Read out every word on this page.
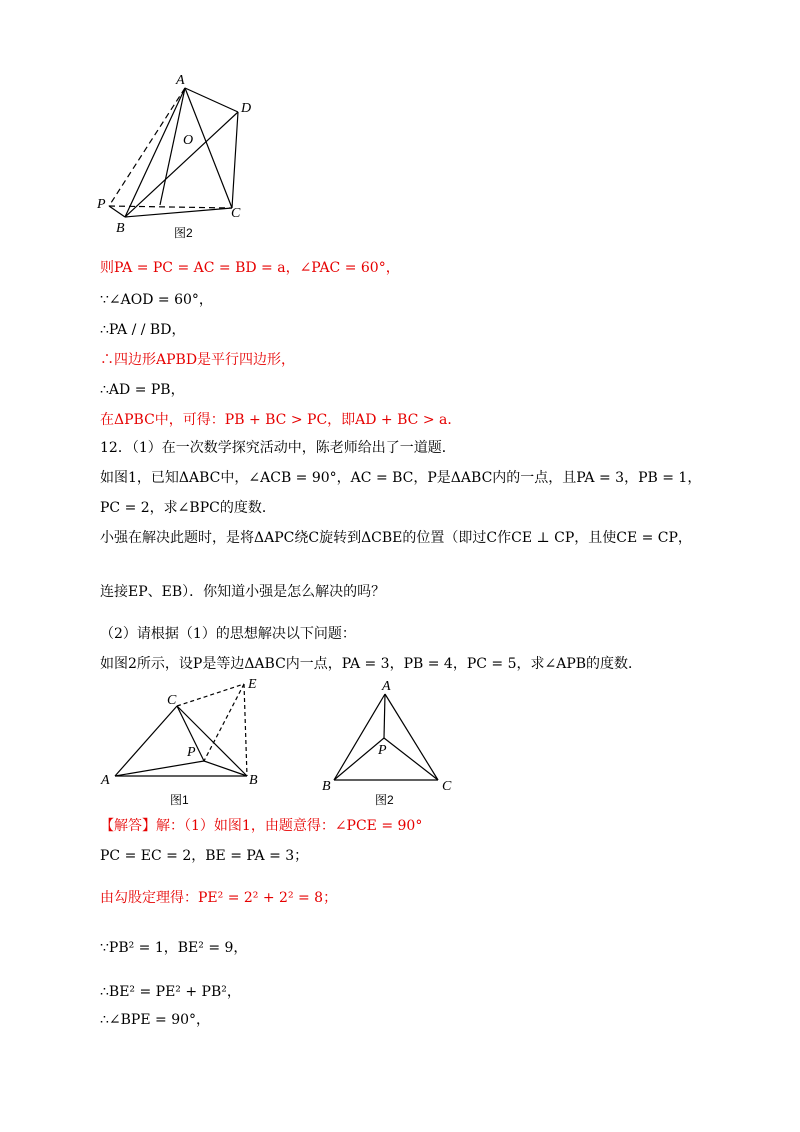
A
D
O
P
B
C
图2
则PA = PC = AC = BD = a，∠PAC = 60°，
∵∠AOD = 60°，
∴PA / / BD，
∴四边形APBD是平行四边形，
∴AD = PB，
在ΔPBC中，可得：PB + BC > PC，即AD + BC > a．
12．（1）在一次数学探究活动中，陈老师给出了一道题．
如图1，已知ΔABC中，∠ACB = 90°，AC = BC，P是ΔABC内的一点，且PA = 3，PB = 1，
PC = 2，求∠BPC的度数．
小强在解决此题时，是将ΔAPC绕C旋转到ΔCBE的位置（即过C作CE ⊥ CP，且使CE = CP，
连接EP、EB）．你知道小强是怎么解决的吗？
（2）请根据（1）的思想解决以下问题：
如图2所示，设P是等边ΔABC内一点，PA = 3，PB = 4，PC = 5，求∠APB的度数．
C
E
P
A	B
图1
A
P
B	C
图2
【解答】解：（1）如图1，由题意得：∠PCE = 90°
PC = EC = 2，BE = PA = 3；
由勾股定理得：PE² = 2² + 2² = 8；
∵PB² = 1，BE² = 9，
∴BE² = PE² + PB²，
∴∠BPE = 90°，
